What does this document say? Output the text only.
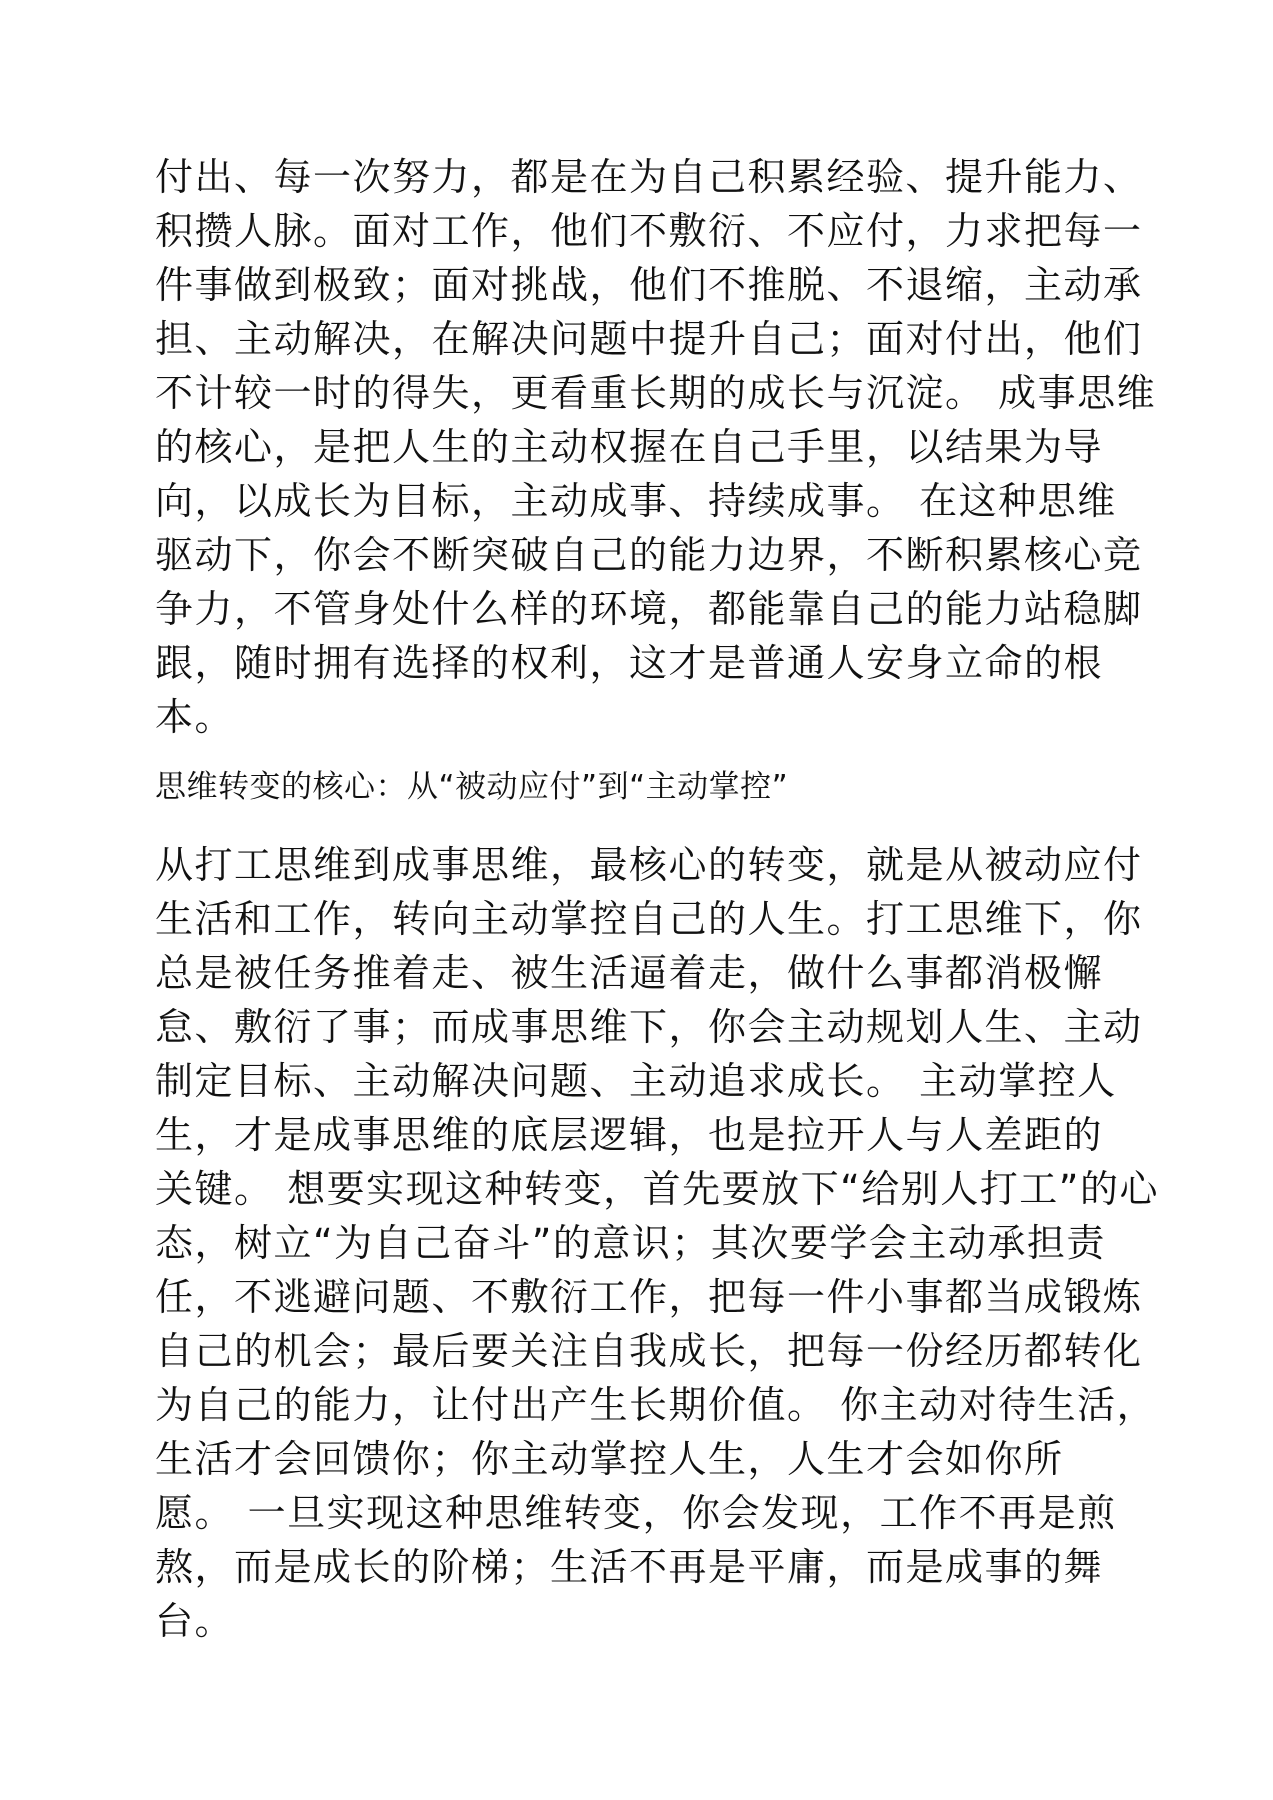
付出、每一次努力，都是在为自己积累经验、提升能力、
积攒人脉。面对工作，他们不敷衍、不应付，力求把每一
件事做到极致；面对挑战，他们不推脱、不退缩，主动承
担、主动解决，在解决问题中提升自己；面对付出，他们
不计较一时的得失，更看重长期的成长与沉淀。 成事思维
的核心，是把人生的主动权握在自己手里，以结果为导
向，以成长为目标，主动成事、持续成事。 在这种思维
驱动下，你会不断突破自己的能力边界，不断积累核心竞
争力，不管身处什么样的环境，都能靠自己的能力站稳脚
跟，随时拥有选择的权利，这才是普通人安身立命的根
本。
思维转变的核心：从“被动应付”到“主动掌控”
从打工思维到成事思维，最核心的转变，就是从被动应付
生活和工作，转向主动掌控自己的人生。打工思维下，你
总是被任务推着走、被生活逼着走，做什么事都消极懈
怠、敷衍了事；而成事思维下，你会主动规划人生、主动
制定目标、主动解决问题、主动追求成长。 主动掌控人
生，才是成事思维的底层逻辑，也是拉开人与人差距的
关键。 想要实现这种转变，首先要放下“给别人打工”的心
态，树立“为自己奋斗”的意识；其次要学会主动承担责
任，不逃避问题、不敷衍工作，把每一件小事都当成锻炼
自己的机会；最后要关注自我成长，把每一份经历都转化
为自己的能力，让付出产生长期价值。 你主动对待生活，
生活才会回馈你；你主动掌控人生，人生才会如你所
愿。 一旦实现这种思维转变，你会发现，工作不再是煎
熬，而是成长的阶梯；生活不再是平庸，而是成事的舞
台。
